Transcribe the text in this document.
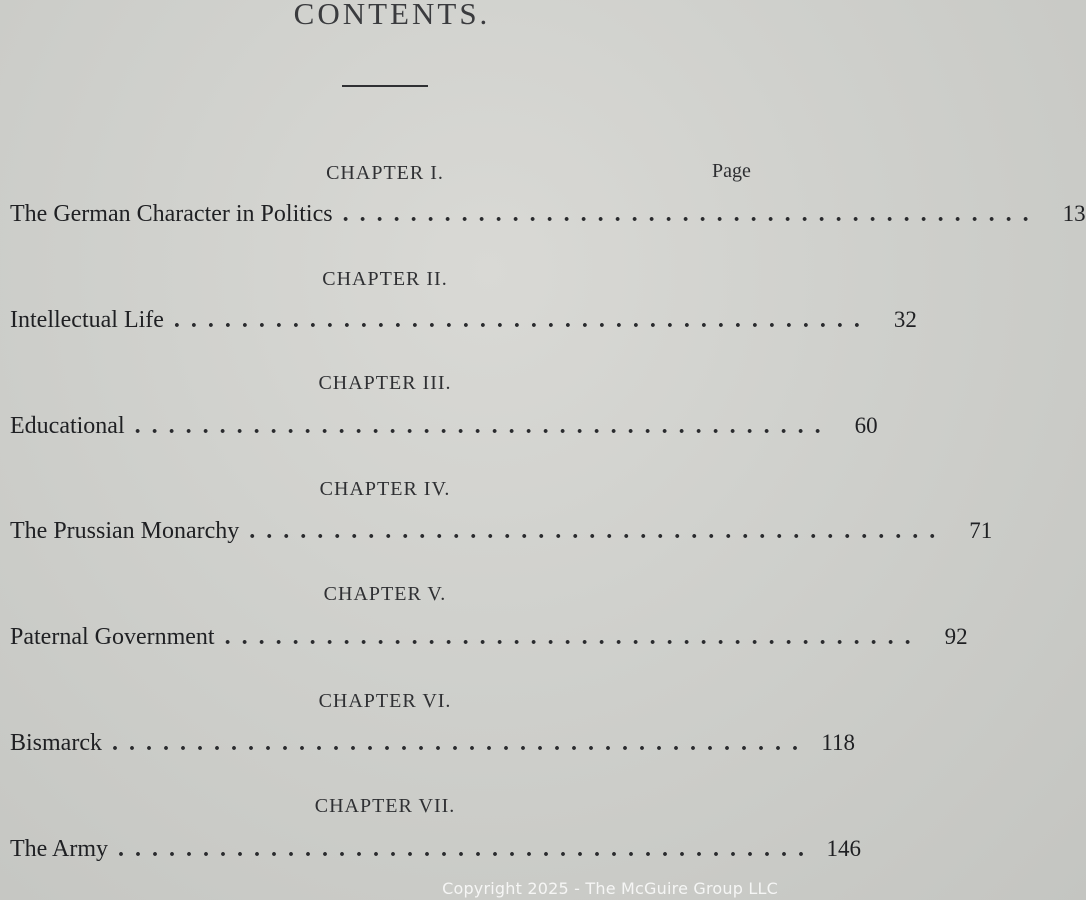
CONTENTS.
Page
CHAPTER I.
The German Character in Politics .........................................	13
CHAPTER II.
Intellectual Life .........................................	32
CHAPTER III.
Educational .........................................	60
CHAPTER IV.
The Prussian Monarchy .........................................	71
CHAPTER V.
Paternal Government .........................................	92
CHAPTER VI.
Bismarck ......................................... 118
CHAPTER VII.
The Army ......................................... 146
Copyright 2025 - The McGuire Group LLC
